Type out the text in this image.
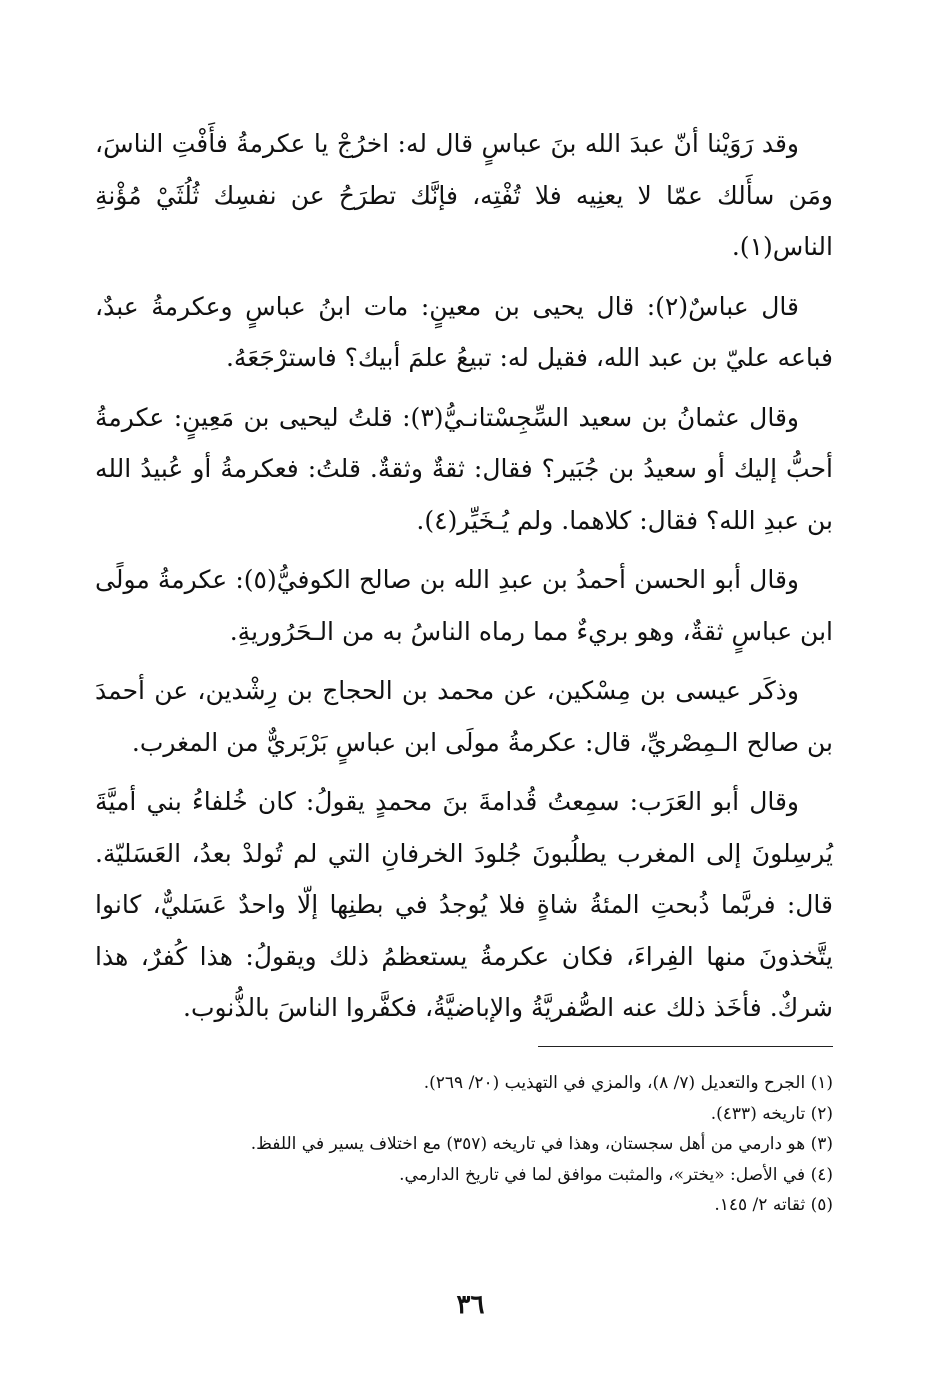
وقد رَوَيْنا أنّ عبدَ الله بنَ عباسٍ قال له: اخرُجْ يا عكرمةُ فأَفْتِ الناسَ، ومَن سأَلك عمّا لا يعنِيه فلا تُفْتِه، فإنَّك تطرَحُ عن نفسِك ثُلُثَيْ مُؤْنةِ الناس(١).

قال عباسٌ(٢): قال يحيى بن معينٍ: مات ابنُ عباسٍ وعكرمةُ عبدٌ، فباعه عليّ بن عبد الله، فقيل له: تبيعُ علمَ أبيك؟ فاسترْجَعَهُ.

وقال عثمانُ بن سعيد السِّجِسْتانـيُّ(٣): قلتُ ليحيى بن مَعِينٍ: عكرمةُ أحبُّ إليك أو سعيدُ بن جُبَير؟ فقال: ثقةٌ وثقةٌ. قلتُ: فعكرمةُ أو عُبيدُ الله بن عبدِ الله؟ فقال: كلاهما. ولم يُـخَيِّر(٤).

وقال أبو الحسن أحمدُ بن عبدِ الله بن صالح الكوفيُّ(٥): عكرمةُ مولًى ابن عباسٍ ثقةٌ، وهو بريءٌ مما رماه الناسُ به من الـحَرُوريةِ.

وذكَر عيسى بن مِسْكين، عن محمد بن الحجاج بن رِشْدين، عن أحمدَ بن صالح الـمِصْريِّ، قال: عكرمةُ مولَى ابن عباسٍ بَرْبَريٌّ من المغرب.

وقال أبو العَرَب: سمِعتُ قُدامةَ بنَ محمدٍ يقولُ: كان خُلفاءُ بني أميَّةَ يُرسِلونَ إلى المغرب يطلُبونَ جُلودَ الخرفانِ التي لم تُولدْ بعدُ، العَسَليّة. قال: فربَّما ذُبحتِ المئةُ شاةٍ فلا يُوجدُ في بطنِها إلّا واحدٌ عَسَليٌّ، كانوا يتَّخذونَ منها الفِراءَ، فكان عكرمةُ يستعظمُ ذلك ويقولُ: هذا كُفرٌ، هذا شركٌ. فأخَذ ذلك عنه الصُّفريَّةُ والإباضيَّةُ، فكفَّروا الناسَ بالذُّنوب.

(١) الجرح والتعديل (٧/ ٨)، والمزي في التهذيب (٢٠/ ٢٦٩).

(٢) تاريخه (٤٣٣).

(٣) هو دارمي من أهل سجستان، وهذا في تاريخه (٣٥٧) مع اختلاف يسير في اللفظ.

(٤) في الأصل: «يختر»، والمثبت موافق لما في تاريخ الدارمي.

(٥) ثقاته ٢/ ١٤٥.

٣٦
